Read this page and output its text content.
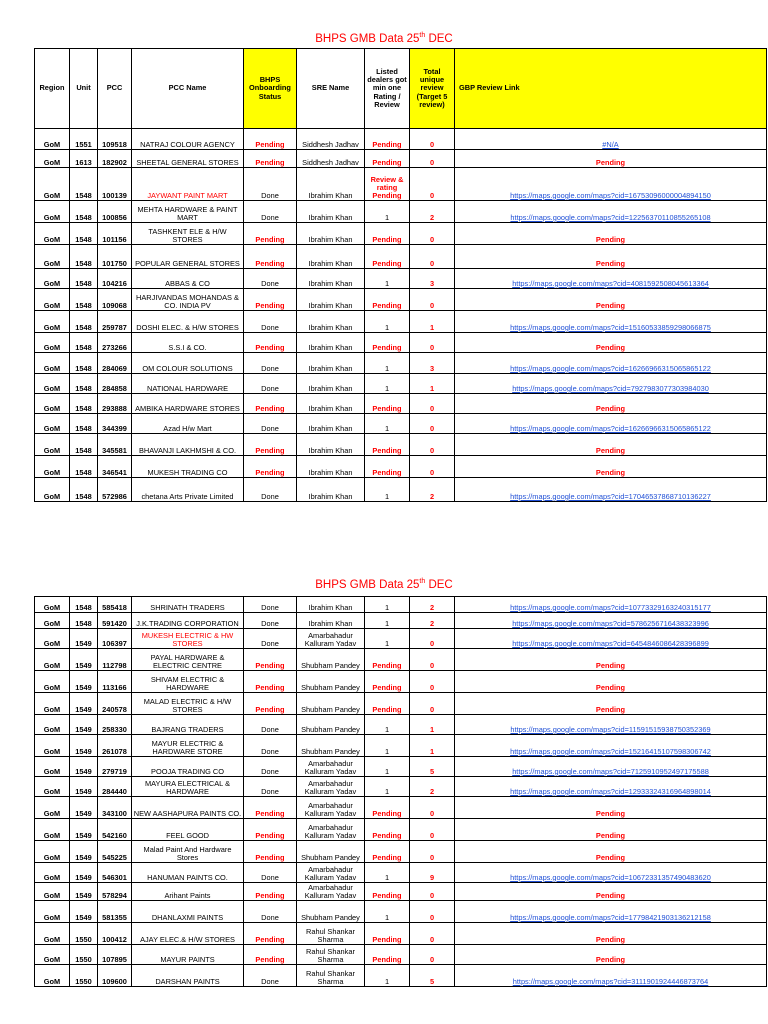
BHPS GMB Data 25th DEC
Region	Unit	PCC	PCC Name	BHPS Onboarding Status	SRE Name	Listed dealers got min one Rating / Review	Total unique review (Target 5 review)	GBP Review Link
GoM	1551	109518	NATRAJ COLOUR AGENCY	Pending	Siddhesh Jadhav	Pending	0	#N/A
GoM	1613	182902	SHEETAL GENERAL STORES	Pending	Siddhesh Jadhav	Pending	0	Pending
GoM	1548	100139	JAYWANT PAINT MART	Done	Ibrahim Khan	Review & rating Pending	0	https://maps.google.com/maps?cid=16753096000004894150
GoM	1548	100856	MEHTA HARDWARE & PAINT MART	Done	Ibrahim Khan	1	2	https://maps.google.com/maps?cid=12256370110855265108
GoM	1548	101156	TASHKENT ELE & H/W STORES	Pending	Ibrahim Khan	Pending	0	Pending
GoM	1548	101750	POPULAR GENERAL STORES	Pending	Ibrahim Khan	Pending	0	Pending
GoM	1548	104216	ABBAS & CO	Done	Ibrahim Khan	1	3	https://maps.google.com/maps?cid=4081592508045613364
GoM	1548	109068	HARJIVANDAS MOHANDAS & CO. INDIA PV	Pending	Ibrahim Khan	Pending	0	Pending
GoM	1548	259787	DOSHI ELEC. & H/W STORES	Done	Ibrahim Khan	1	1	https://maps.google.com/maps?cid=15160533859298066875
GoM	1548	273266	S.S.I & CO.	Pending	Ibrahim Khan	Pending	0	Pending
GoM	1548	284069	OM COLOUR SOLUTIONS	Done	Ibrahim Khan	1	3	https://maps.google.com/maps?cid=16266966315065865122
GoM	1548	284858	NATIONAL HARDWARE	Done	Ibrahim Khan	1	1	https://maps.google.com/maps?cid=7927983077303984030
GoM	1548	293888	AMBIKA HARDWARE STORES	Pending	Ibrahim Khan	Pending	0	Pending
GoM	1548	344399	Azad H/w Mart	Done	Ibrahim Khan	1	0	https://maps.google.com/maps?cid=16266966315065865122
GoM	1548	345581	BHAVANJI LAKHMSHI & CO.	Pending	Ibrahim Khan	Pending	0	Pending
GoM	1548	346541	MUKESH TRADING CO	Pending	Ibrahim Khan	Pending	0	Pending
GoM	1548	572986	chetana Arts Private Limited	Done	Ibrahim Khan	1	2	https://maps.google.com/maps?cid=17046537868710136227
BHPS GMB Data 25th DEC
GoM	1548	585418	SHRINATH TRADERS	Done	Ibrahim Khan	1	2	https://maps.google.com/maps?cid=10773329163240315177
GoM	1548	591420	J.K.TRADING CORPORATION	Done	Ibrahim Khan	1	2	https://maps.google.com/maps?cid=5786256716438323996
GoM	1549	106397	MUKESH ELECTRIC & HW STORES	Done	Amarbahadur Kalluram Yadav	1	0	https://maps.google.com/maps?cid=6454846086428396899
GoM	1549	112798	PAYAL HARDWARE & ELECTRIC CENTRE	Pending	Shubham Pandey	Pending	0	Pending
GoM	1549	113166	SHIVAM ELECTRIC & HARDWARE	Pending	Shubham Pandey	Pending	0	Pending
GoM	1549	240578	MALAD ELECTRIC & H/W STORES	Pending	Shubham Pandey	Pending	0	Pending
GoM	1549	258330	BAJRANG TRADERS	Done	Shubham Pandey	1	1	https://maps.google.com/maps?cid=11591515938750352369
GoM	1549	261078	MAYUR ELECTRIC & HARDWARE STORE	Done	Shubham Pandey	1	1	https://maps.google.com/maps?cid=15216415107598306742
GoM	1549	279719	POOJA TRADING CO	Done	Amarbahadur Kalluram Yadav	1	5	https://maps.google.com/maps?cid=7125910952497175588
GoM	1549	284440	MAYURA ELECTRICAL & HARDWARE	Done	Amarbahadur Kalluram Yadav	1	2	https://maps.google.com/maps?cid=12933324316964898014
GoM	1549	343100	NEW AASHAPURA PAINTS CO.	Pending	Amarbahadur Kalluram Yadav	Pending	0	Pending
GoM	1549	542160	FEEL GOOD	Pending	Amarbahadur Kalluram Yadav	Pending	0	Pending
GoM	1549	545225	Malad Paint And Hardware Stores	Pending	Shubham Pandey	Pending	0	Pending
GoM	1549	546301	HANUMAN PAINTS CO.	Done	Amarbahadur Kalluram Yadav	1	9	https://maps.google.com/maps?cid=10672331357490483620
GoM	1549	578294	Arihant Paints	Pending	Amarbahadur Kalluram Yadav	Pending	0	Pending
GoM	1549	581355	DHANLAXMI PAINTS	Done	Shubham Pandey	1	0	https://maps.google.com/maps?cid=17798421903136212158
GoM	1550	100412	AJAY ELEC.& H/W STORES	Pending	Rahul Shankar Sharma	Pending	0	Pending
GoM	1550	107895	MAYUR PAINTS	Pending	Rahul Shankar Sharma	Pending	0	Pending
GoM	1550	109600	DARSHAN PAINTS	Done	Rahul Shankar Sharma	1	5	https://maps.google.com/maps?cid=3111901924446873764
